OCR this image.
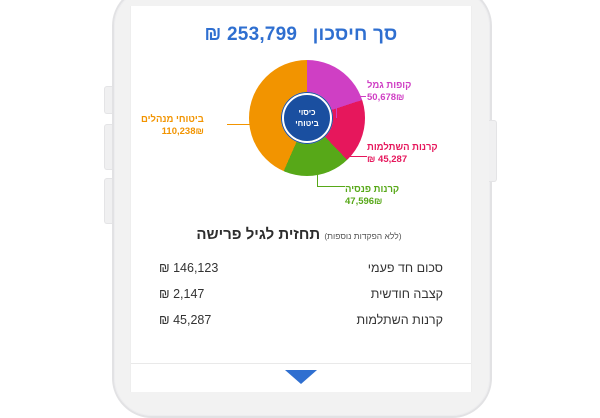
סך חיסכון 253,799 ₪
כיסוי
ביטוחי
קופות גמל
50,678₪
קרנות השתלמות
45,287 ₪
קרנות פנסיה
47,596₪
ביטוחי מנהלים
110,238₪
(ללא הפקדות נוספות) תחזית לגיל פרישה
סכום חד פעמי
146,123 ₪
קצבה חודשית
2,147 ₪
קרנות השתלמות
45,287 ₪
